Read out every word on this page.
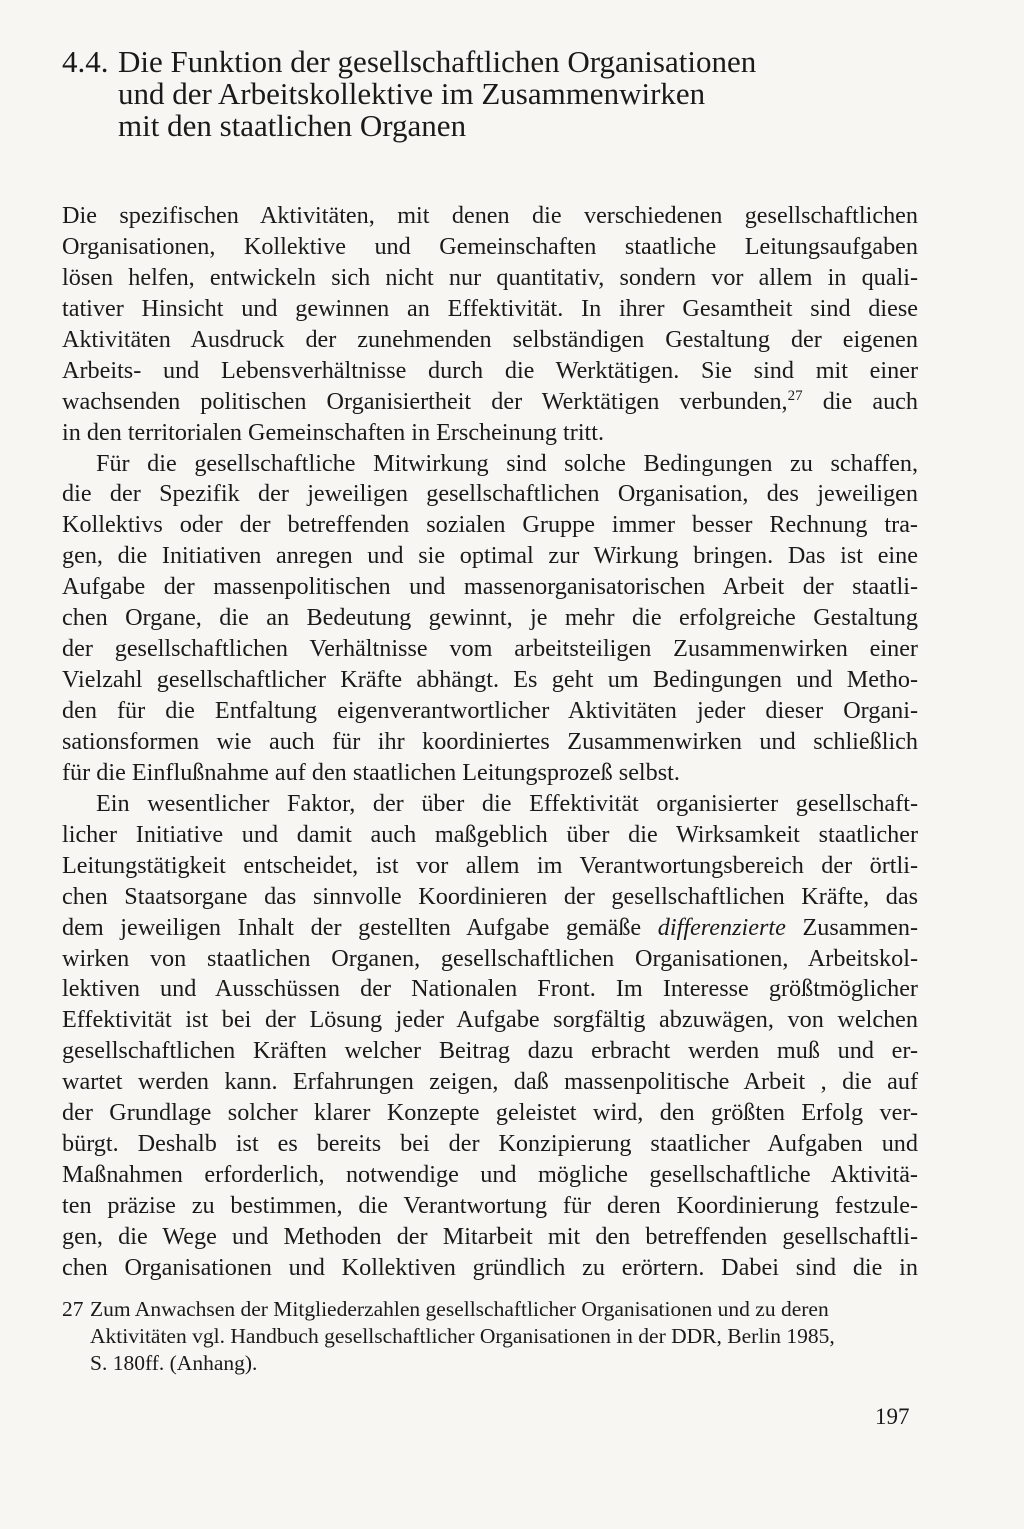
4.4. Die Funktion der gesellschaftlichen Organisationen
und der Arbeitskollektive im Zusammenwirken
mit den staatlichen Organen
Die spezifischen Aktivitäten, mit denen die verschiedenen gesellschaftlichen
Organisationen, Kollektive und Gemeinschaften staatliche Leitungsaufgaben
lösen helfen, entwickeln sich nicht nur quantitativ, sondern vor allem in quali-
tativer Hinsicht und gewinnen an Effektivität. In ihrer Gesamtheit sind diese
Aktivitäten Ausdruck der zunehmenden selbständigen Gestaltung der eigenen
Arbeits- und Lebensverhältnisse durch die Werktätigen. Sie sind mit einer
wachsenden politischen Organisiertheit der Werktätigen verbunden,$^{27}$ die auch
in den territorialen Gemeinschaften in Erscheinung tritt.
Für die gesellschaftliche Mitwirkung sind solche Bedingungen zu schaffen,
die der Spezifik der jeweiligen gesellschaftlichen Organisation, des jeweiligen
Kollektivs oder der betreffenden sozialen Gruppe immer besser Rechnung tra-
gen, die Initiativen anregen und sie optimal zur Wirkung bringen. Das ist eine
Aufgabe der massenpolitischen und massenorganisatorischen Arbeit der staatli-
chen Organe, die an Bedeutung gewinnt, je mehr die erfolgreiche Gestaltung
der gesellschaftlichen Verhältnisse vom arbeitsteiligen Zusammenwirken einer
Vielzahl gesellschaftlicher Kräfte abhängt. Es geht um Bedingungen und Metho-
den für die Entfaltung eigenverantwortlicher Aktivitäten jeder dieser Organi-
sationsformen wie auch für ihr koordiniertes Zusammenwirken und schließlich
für die Einflußnahme auf den staatlichen Leitungsprozeß selbst.
Ein wesentlicher Faktor, der über die Effektivität organisierter gesellschaft-
licher Initiative und damit auch maßgeblich über die Wirksamkeit staatlicher
Leitungstätigkeit entscheidet, ist vor allem im Verantwortungsbereich der örtli-
chen Staatsorgane das sinnvolle Koordinieren der gesellschaftlichen Kräfte, das
dem jeweiligen Inhalt der gestellten Aufgabe gemäße differenzierte Zusammen-
wirken von staatlichen Organen, gesellschaftlichen Organisationen, Arbeitskol-
lektiven und Ausschüssen der Nationalen Front. Im Interesse größtmöglicher
Effektivität ist bei der Lösung jeder Aufgabe sorgfältig abzuwägen, von welchen
gesellschaftlichen Kräften welcher Beitrag dazu erbracht werden muß und er-
wartet werden kann. Erfahrungen zeigen, daß massenpolitische Arbeit , die auf
der Grundlage solcher klarer Konzepte geleistet wird, den größten Erfolg ver-
bürgt. Deshalb ist es bereits bei der Konzipierung staatlicher Aufgaben und
Maßnahmen erforderlich, notwendige und mögliche gesellschaftliche Aktivitä-
ten präzise zu bestimmen, die Verantwortung für deren Koordinierung festzule-
gen, die Wege und Methoden der Mitarbeit mit den betreffenden gesellschaftli-
chen Organisationen und Kollektiven gründlich zu erörtern. Dabei sind die in
27 Zum Anwachsen der Mitgliederzahlen gesellschaftlicher Organisationen und zu deren
Aktivitäten vgl. Handbuch gesellschaftlicher Organisationen in der DDR, Berlin 1985,
S. 180ff. (Anhang).
197
